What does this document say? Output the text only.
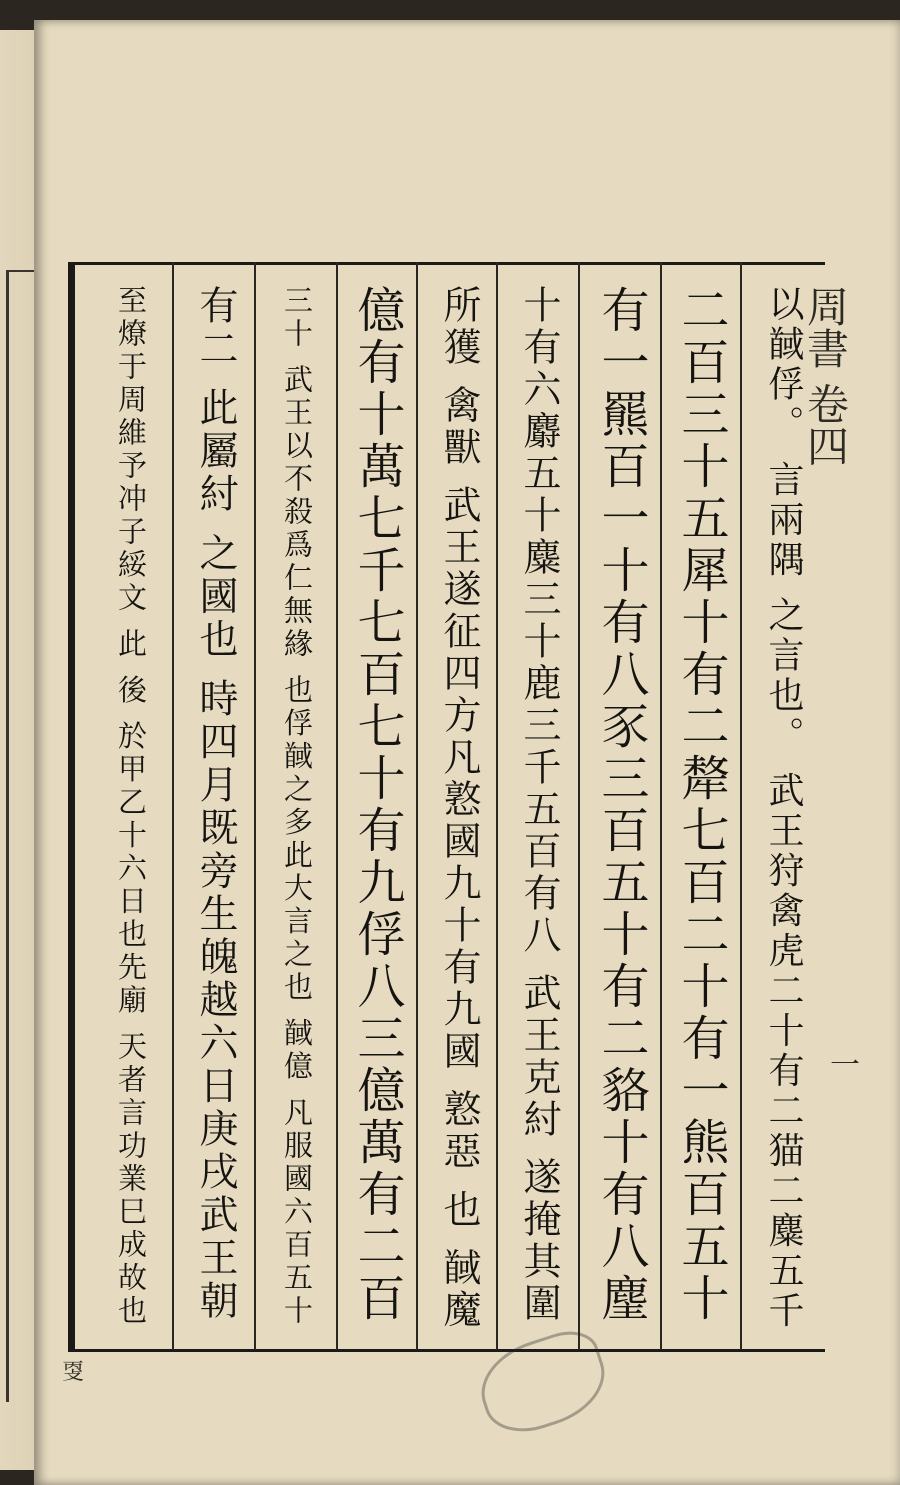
周書 卷四
一
以馘俘。 言兩隅 之言也。 武王狩禽虎二十有二猫二麋五千
二百三十五犀十有二犛七百二十有一熊百五十
有一羆百一十有八豕三百五十有二貉十有八麈
十有六麝五十麋三十鹿三千五百有八 武王克紂 遂掩其圍
所獲 禽獸 武王遂征四方凡憝國九十有九國 憝惡 也 馘魔
億有十萬七千七百七十有九俘八三億萬有二百
三十 武王以不殺爲仁無緣 也俘馘之多此大言之也 馘億 凡服國六百五十
有二 此屬紂 之國也 時四月既旁生魄越六日庚戌武王朝
至燎于周維予冲子綏文 此 後 於甲乙十六日也先廟 天者言功業巳成故也
㪅
